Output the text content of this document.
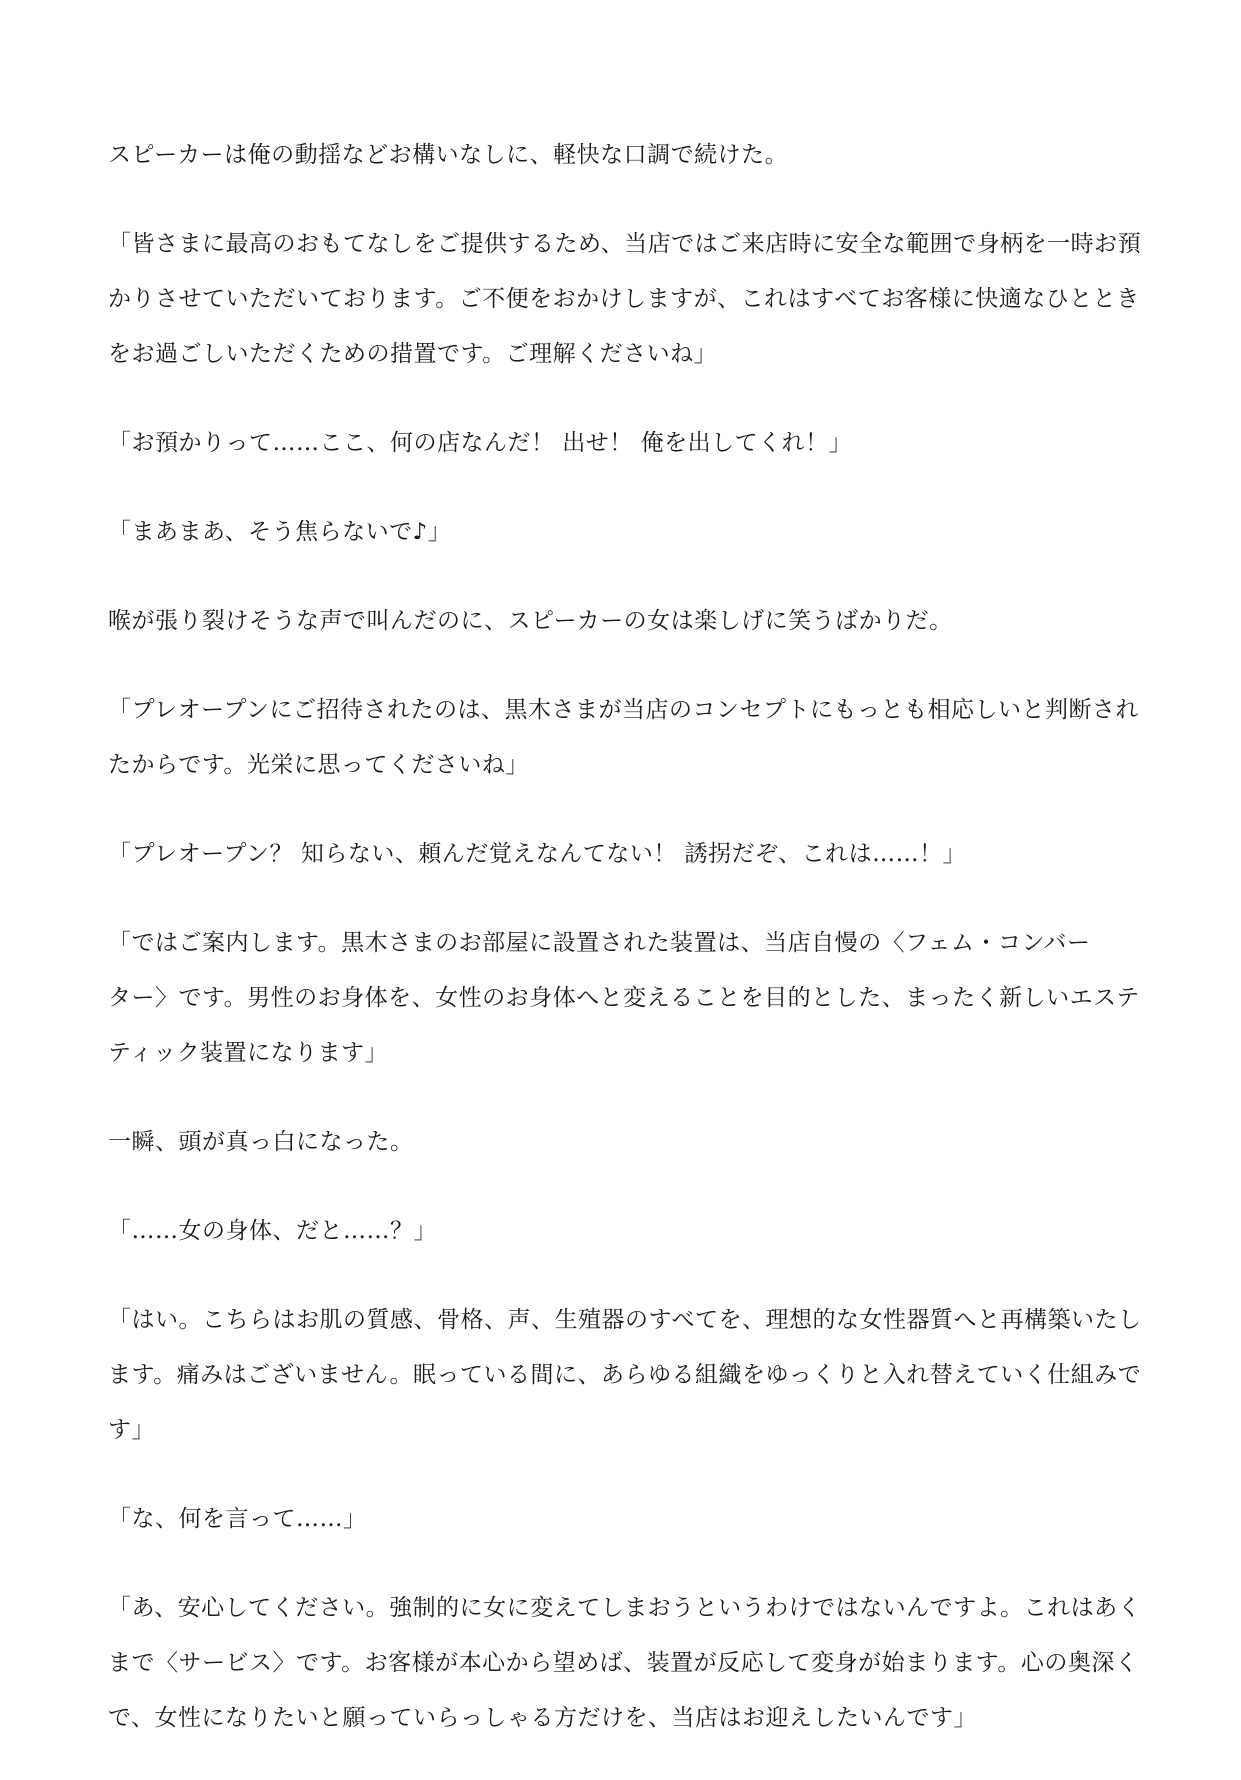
スピーカーは俺の動揺などお構いなしに、軽快な口調で続けた。

「皆さまに最高のおもてなしをご提供するため、当店ではご来店時に安全な範囲で身柄を一時お預
かりさせていただいております。ご不便をおかけしますが、これはすべてお客様に快適なひととき
をお過ごしいただくための措置です。ご理解くださいね」

「お預かりって……ここ、何の店なんだ！ 出せ！ 俺を出してくれ！」

「まあまあ、そう焦らないで♪」

喉が張り裂けそうな声で叫んだのに、スピーカーの女は楽しげに笑うばかりだ。

「プレオープンにご招待されたのは、黒木さまが当店のコンセプトにもっとも相応しいと判断され
たからです。光栄に思ってくださいね」

「プレオープン？ 知らない、頼んだ覚えなんてない！ 誘拐だぞ、これは……！」

「ではご案内します。黒木さまのお部屋に設置された装置は、当店自慢の〈フェム・コンバー
ター〉です。男性のお身体を、女性のお身体へと変えることを目的とした、まったく新しいエステ
ティック装置になります」

一瞬、頭が真っ白になった。

「……女の身体、だと……？」

「はい。こちらはお肌の質感、骨格、声、生殖器のすべてを、理想的な女性器質へと再構築いたし
ます。痛みはございません。眠っている間に、あらゆる組織をゆっくりと入れ替えていく仕組みで
す」

「な、何を言って……」

「あ、安心してください。強制的に女に変えてしまおうというわけではないんですよ。これはあく
まで〈サービス〉です。お客様が本心から望めば、装置が反応して変身が始まります。心の奥深く
で、女性になりたいと願っていらっしゃる方だけを、当店はお迎えしたいんです」
